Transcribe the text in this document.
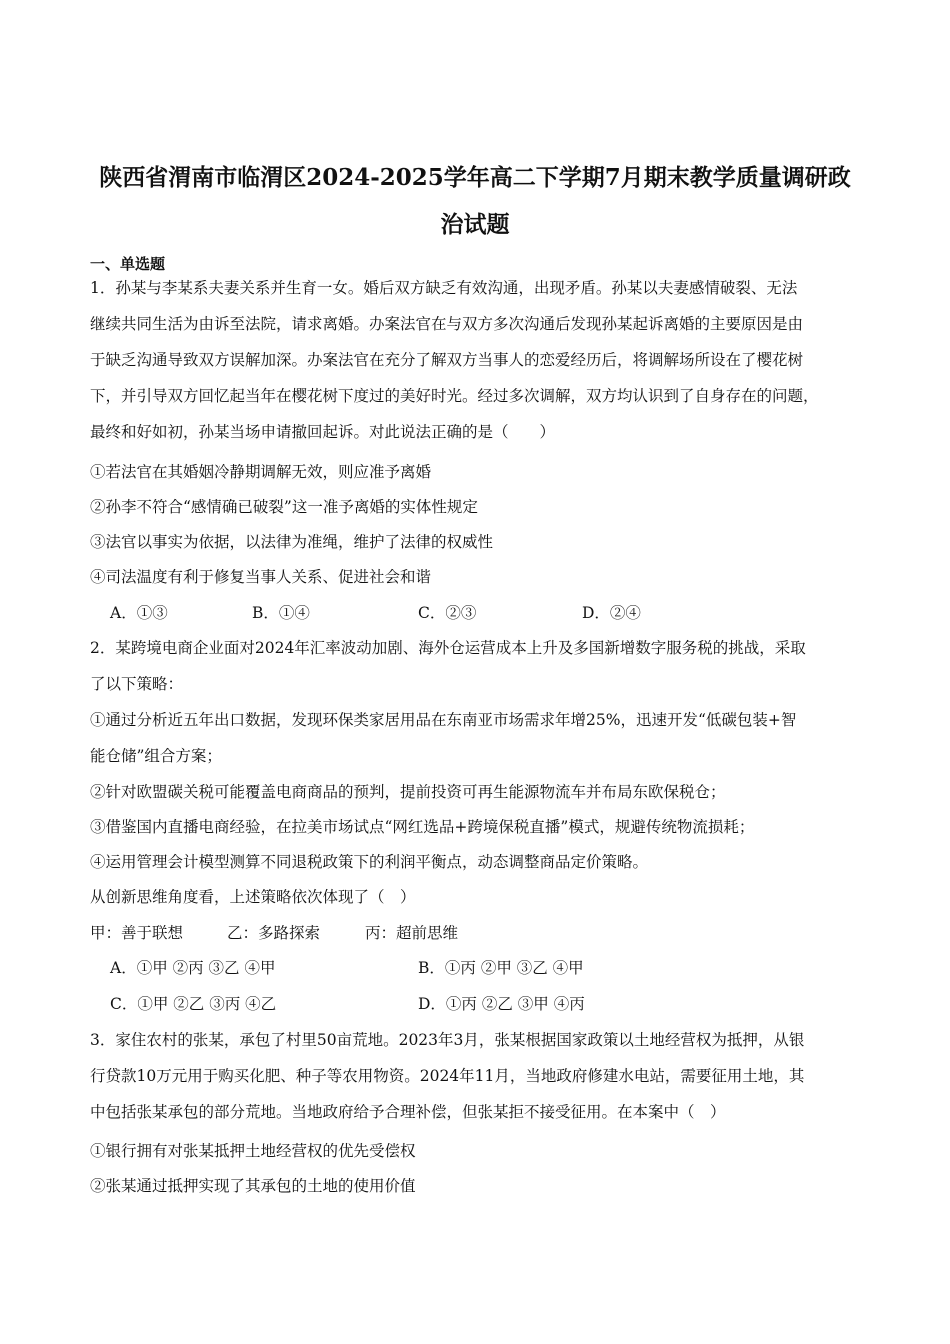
陕西省渭南市临渭区2024-2025学年高二下学期7月期末教学质量调研政
治试题
一、单选题
1．孙某与李某系夫妻关系并生育一女。婚后双方缺乏有效沟通，出现矛盾。孙某以夫妻感情破裂、无法
继续共同生活为由诉至法院，请求离婚。办案法官在与双方多次沟通后发现孙某起诉离婚的主要原因是由
于缺乏沟通导致双方误解加深。办案法官在充分了解双方当事人的恋爱经历后，将调解场所设在了樱花树
下，并引导双方回忆起当年在樱花树下度过的美好时光。经过多次调解，双方均认识到了自身存在的问题，
最终和好如初，孙某当场申请撤回起诉。对此说法正确的是（　　）
①若法官在其婚姻冷静期调解无效，则应准予离婚
②孙李不符合“感情确已破裂”这一准予离婚的实体性规定
③法官以事实为依据，以法律为准绳，维护了法律的权威性
④司法温度有利于修复当事人关系、促进社会和谐
A．①③	B．①④	C．②③	D．②④
2．某跨境电商企业面对2024年汇率波动加剧、海外仓运营成本上升及多国新增数字服务税的挑战，采取
了以下策略：
①通过分析近五年出口数据，发现环保类家居用品在东南亚市场需求年增25%，迅速开发“低碳包装+智
能仓储”组合方案；
②针对欧盟碳关税可能覆盖电商商品的预判，提前投资可再生能源物流车并布局东欧保税仓；
③借鉴国内直播电商经验，在拉美市场试点“网红选品+跨境保税直播”模式，规避传统物流损耗；
④运用管理会计模型测算不同退税政策下的利润平衡点，动态调整商品定价策略。
从创新思维角度看，上述策略依次体现了（　）
甲：善于联想	乙：多路探索	丙：超前思维
A．①甲 ②丙 ③乙 ④甲	B．①丙 ②甲 ③乙 ④甲
C．①甲 ②乙 ③丙 ④乙	D．①丙 ②乙 ③甲 ④丙
3．家住农村的张某，承包了村里50亩荒地。2023年3月，张某根据国家政策以土地经营权为抵押，从银
行贷款10万元用于购买化肥、种子等农用物资。2024年11月，当地政府修建水电站，需要征用土地，其
中包括张某承包的部分荒地。当地政府给予合理补偿，但张某拒不接受征用。在本案中（　）
①银行拥有对张某抵押土地经营权的优先受偿权
②张某通过抵押实现了其承包的土地的使用价值
